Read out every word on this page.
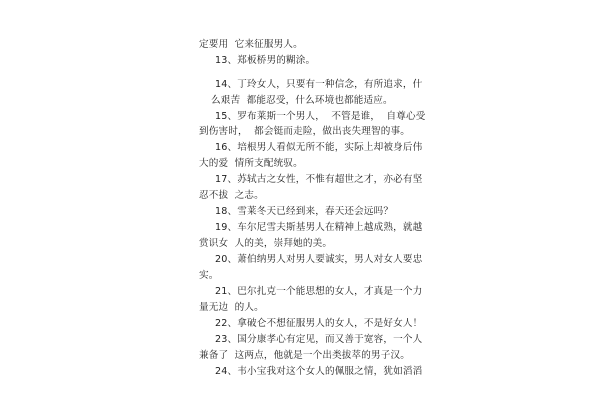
定要用  它来征服男人。
13、郑板桥男的糊涂。
14、丁玲女人，只要有一种信念，有所追求，什
么艰苦  都能忍受，什么环境也都能适应。
15、罗布莱斯一个男人，  不管是谁，  自尊心受
到伤害时，  都会铤而走险，做出丧失理智的事。
16、培根男人看似无所不能，实际上却被身后伟
大的爱  情所支配统驭。
17、苏轼古之女性，不惟有超世之才，亦必有坚
忍不拔  之志。
18、雪莱冬天已经到来，春天还会远吗？
19、车尔尼雪夫斯基男人在精神上越成熟，就越
赏识女  人的美，崇拜她的美。
20、萧伯纳男人对男人要诚实，男人对女人要忠
实。
21、巴尔扎克一个能思想的女人，才真是一个力
量无边  的人。
22、拿破仑不想征服男人的女人，不是好女人！
23、国分康孝心有定见，而又善于宽容，一个人
兼备了  这两点，他就是一个出类拔萃的男子汉。
24、韦小宝我对这个女人的佩服之情，犹如滔滔
